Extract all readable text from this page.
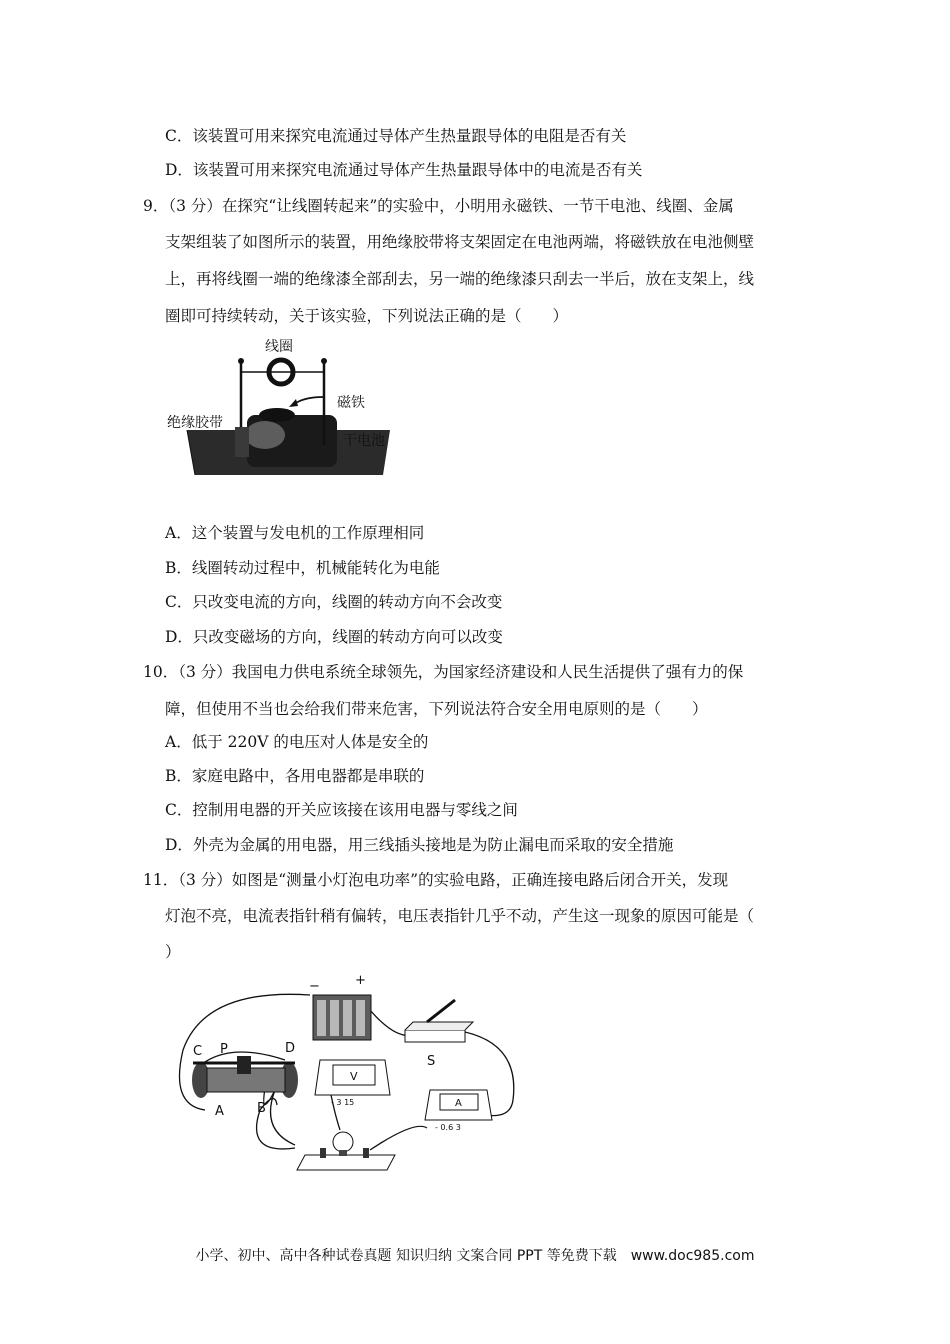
C．该装置可用来探究电流通过导体产生热量跟导体的电阻是否有关
D．该装置可用来探究电流通过导体产生热量跟导体中的电流是否有关
9．（3 分）在探究“让线圈转起来”的实验中，小明用永磁铁、一节干电池、线圈、金属
支架组装了如图所示的装置，用绝缘胶带将支架固定在电池两端，将磁铁放在电池侧壁
上，再将线圈一端的绝缘漆全部刮去，另一端的绝缘漆只刮去一半后，放在支架上，线
圈即可持续转动，关于该实验，下列说法正确的是（　　）
线圈
磁铁
绝缘胶带
干电池
A．这个装置与发电机的工作原理相同
B．线圈转动过程中，机械能转化为电能
C．只改变电流的方向，线圈的转动方向不会改变
D．只改变磁场的方向，线圈的转动方向可以改变
10．（3 分）我国电力供电系统全球领先，为国家经济建设和人民生活提供了强有力的保
障，但使用不当也会给我们带来危害，下列说法符合安全用电原则的是（　　）
A．低于 220V 的电压对人体是安全的
B．家庭电路中，各用电器都是串联的
C．控制用电器的开关应该接在该用电器与零线之间
D．外壳为金属的用电器，用三线插头接地是为防止漏电而采取的安全措施
11．（3 分）如图是“测量小灯泡电功率”的实验电路，正确连接电路后闭合开关，发现
灯泡不亮，电流表指针稍有偏转，电压表指针几乎不动，产生这一现象的原因可能是（
）
−	+
S
C P	D
A	B
V
- 3 15	A
- 0.6 3
小学、初中、高中各种试卷真题 知识归纳 文案合同 PPT 等免费下载　www.doc985.com
